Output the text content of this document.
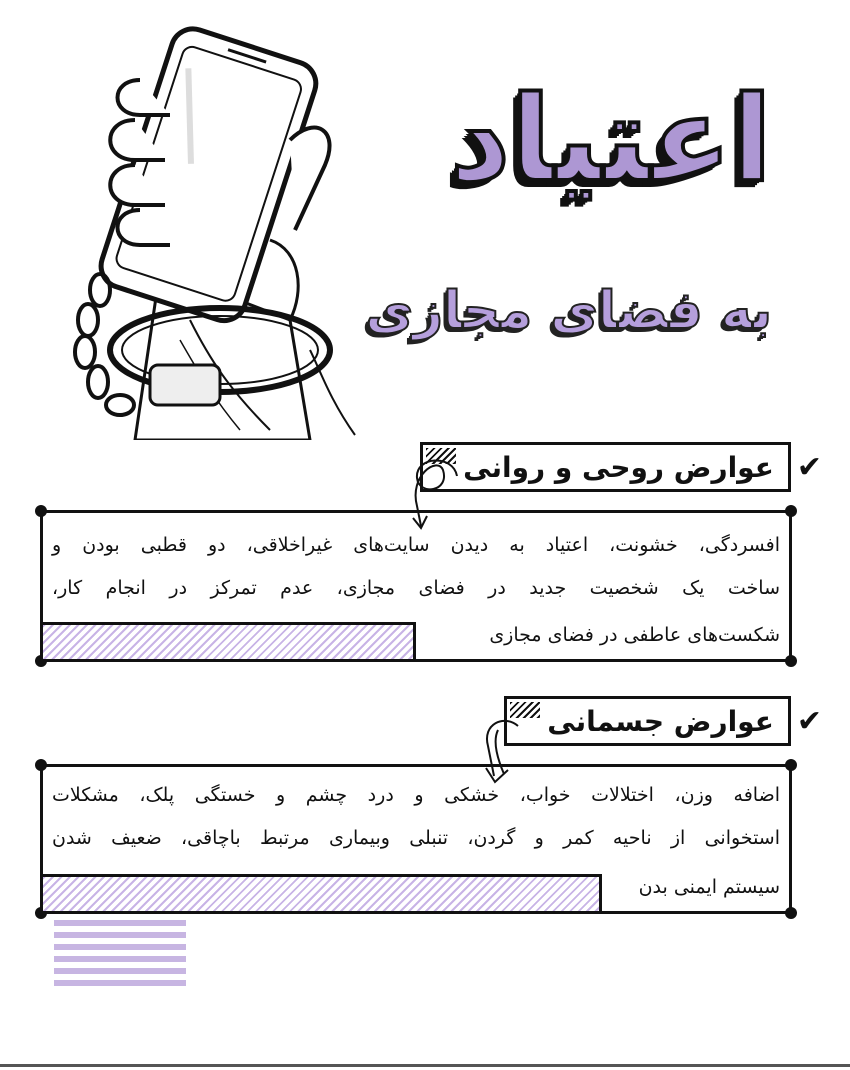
اعتیاد
به فضای مجازی
✔
عوارض روحی و روانی
افسردگی، خشونت، اعتیاد به دیدن سایت‌های غیراخلاقی، دو قطبی بودن و
ساخت یک شخصیت جدید در فضای مجازی، عدم تمرکز در انجام کار،
شکست‌های عاطفی در فضای مجازی
✔
عوارض جسمانی
اضافه وزن، اختلالات خواب، خشکی و درد چشم و خستگی پلک، مشکلات
استخوانی از ناحیه کمر و گردن، تنبلی وبیماری مرتبط باچاقی، ضعیف شدن
سیستم ایمنی بدن
